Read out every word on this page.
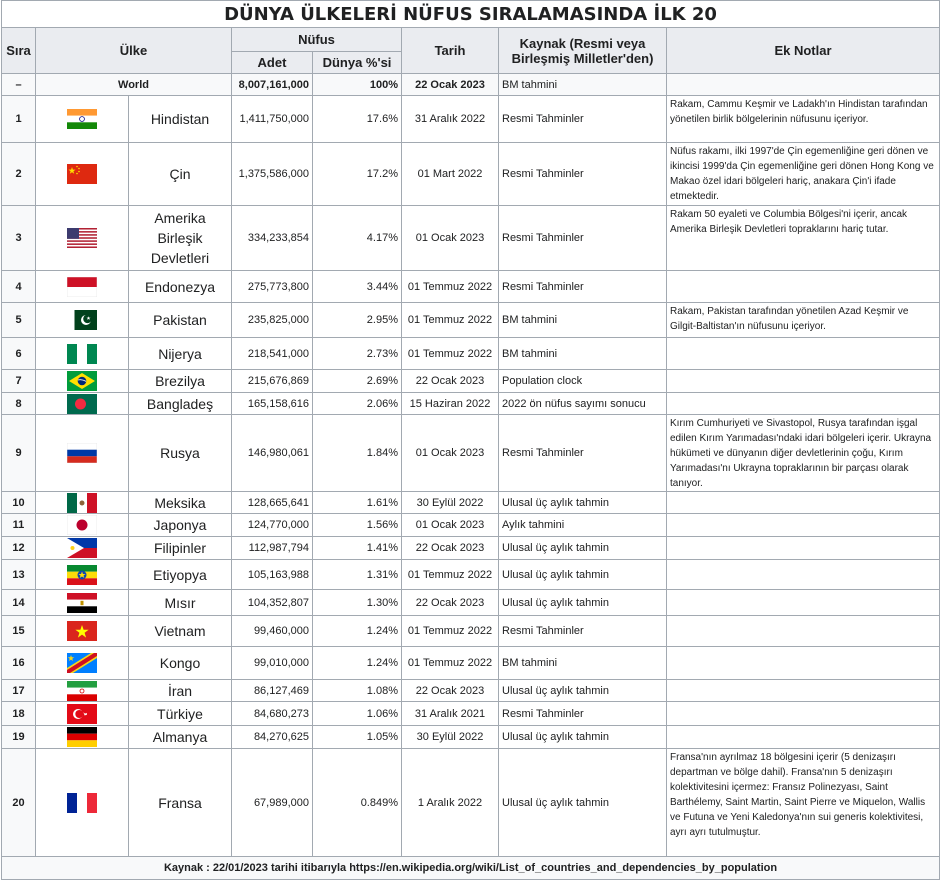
DÜNYA ÜLKELERİ NÜFUS SIRALAMASINDA İLK 20							
Sıra	Ülke		Nüfus		Tarih	Kaynak (Resmi veya Birleşmiş Milletler'den)	Ek Notlar
			Adet	Dünya %'si			
–	World		8,007,161,000	100%	22 Ocak 2023	BM tahmini	
1		Hindistan	1,411,750,000	17.6%	31 Aralık 2022	Resmi Tahminler	Rakam, Cammu Keşmir ve Ladakh'ın Hindistan tarafından yönetilen birlik bölgelerinin nüfusunu içeriyor.
2		Çin	1,375,586,000	17.2%	01 Mart 2022	Resmi Tahminler	Nüfus rakamı, ilki 1997'de Çin egemenliğine geri dönen ve ikincisi 1999'da Çin egemenliğine geri dönen Hong Kong ve Makao özel idari bölgeleri hariç, anakara Çin'i ifade etmektedir.
3		Amerika Birleşik Devletleri	334,233,854	4.17%	01 Ocak 2023	Resmi Tahminler	Rakam 50 eyaleti ve Columbia Bölgesi'ni içerir, ancak Amerika Birleşik Devletleri topraklarını hariç tutar.
4		Endonezya	275,773,800	3.44%	01 Temmuz 2022	Resmi Tahminler	
5		Pakistan	235,825,000	2.95%	01 Temmuz 2022	BM tahmini	Rakam, Pakistan tarafından yönetilen Azad Keşmir ve Gilgit-Baltistan'ın nüfusunu içeriyor.
6		Nijerya	218,541,000	2.73%	01 Temmuz 2022	BM tahmini	
7		Brezilya	215,676,869	2.69%	22 Ocak 2023	Population clock	
8		Bangladeş	165,158,616	2.06%	15 Haziran 2022	2022 ön nüfus sayımı sonucu	
9		Rusya	146,980,061	1.84%	01 Ocak 2023	Resmi Tahminler	Kırım Cumhuriyeti ve Sivastopol, Rusya tarafından işgal edilen Kırım Yarımadası'ndaki idari bölgeleri içerir. Ukrayna hükümeti ve dünyanın diğer devletlerinin çoğu, Kırım Yarımadası'nı Ukrayna topraklarının bir parçası olarak tanıyor.
10		Meksika	128,665,641	1.61%	30 Eylül 2022	Ulusal üç aylık tahmin	
11		Japonya	124,770,000	1.56%	01 Ocak 2023	Aylık tahmini	
12		Filipinler	112,987,794	1.41%	22 Ocak 2023	Ulusal üç aylık tahmin	
13		Etiyopya	105,163,988	1.31%	01 Temmuz 2022	Ulusal üç aylık tahmin	
14		Mısır	104,352,807	1.30%	22 Ocak 2023	Ulusal üç aylık tahmin	
15		Vietnam	99,460,000	1.24%	01 Temmuz 2022	Resmi Tahminler	
16		Kongo	99,010,000	1.24%	01 Temmuz 2022	BM tahmini	
17		İran	86,127,469	1.08%	22 Ocak 2023	Ulusal üç aylık tahmin	
18		Türkiye	84,680,273	1.06%	31 Aralık 2021	Resmi Tahminler	
19		Almanya	84,270,625	1.05%	30 Eylül 2022	Ulusal üç aylık tahmin	
20		Fransa	67,989,000	0.849%	1 Aralık 2022	Ulusal üç aylık tahmin	Fransa'nın ayrılmaz 18 bölgesini içerir (5 denizaşırı departman ve bölge dahil). Fransa'nın 5 denizaşırı kolektivitesini içermez: Fransız Polinezyası, Saint Barthélemy, Saint Martin, Saint Pierre ve Miquelon, Wallis ve Futuna ve Yeni Kaledonya'nın sui generis kolektivitesi, ayrı ayrı tutulmuştur.
Kaynak : 22/01/2023 tarihi itibarıyla https://en.wikipedia.org/wiki/List_of_countries_and_dependencies_by_population							
